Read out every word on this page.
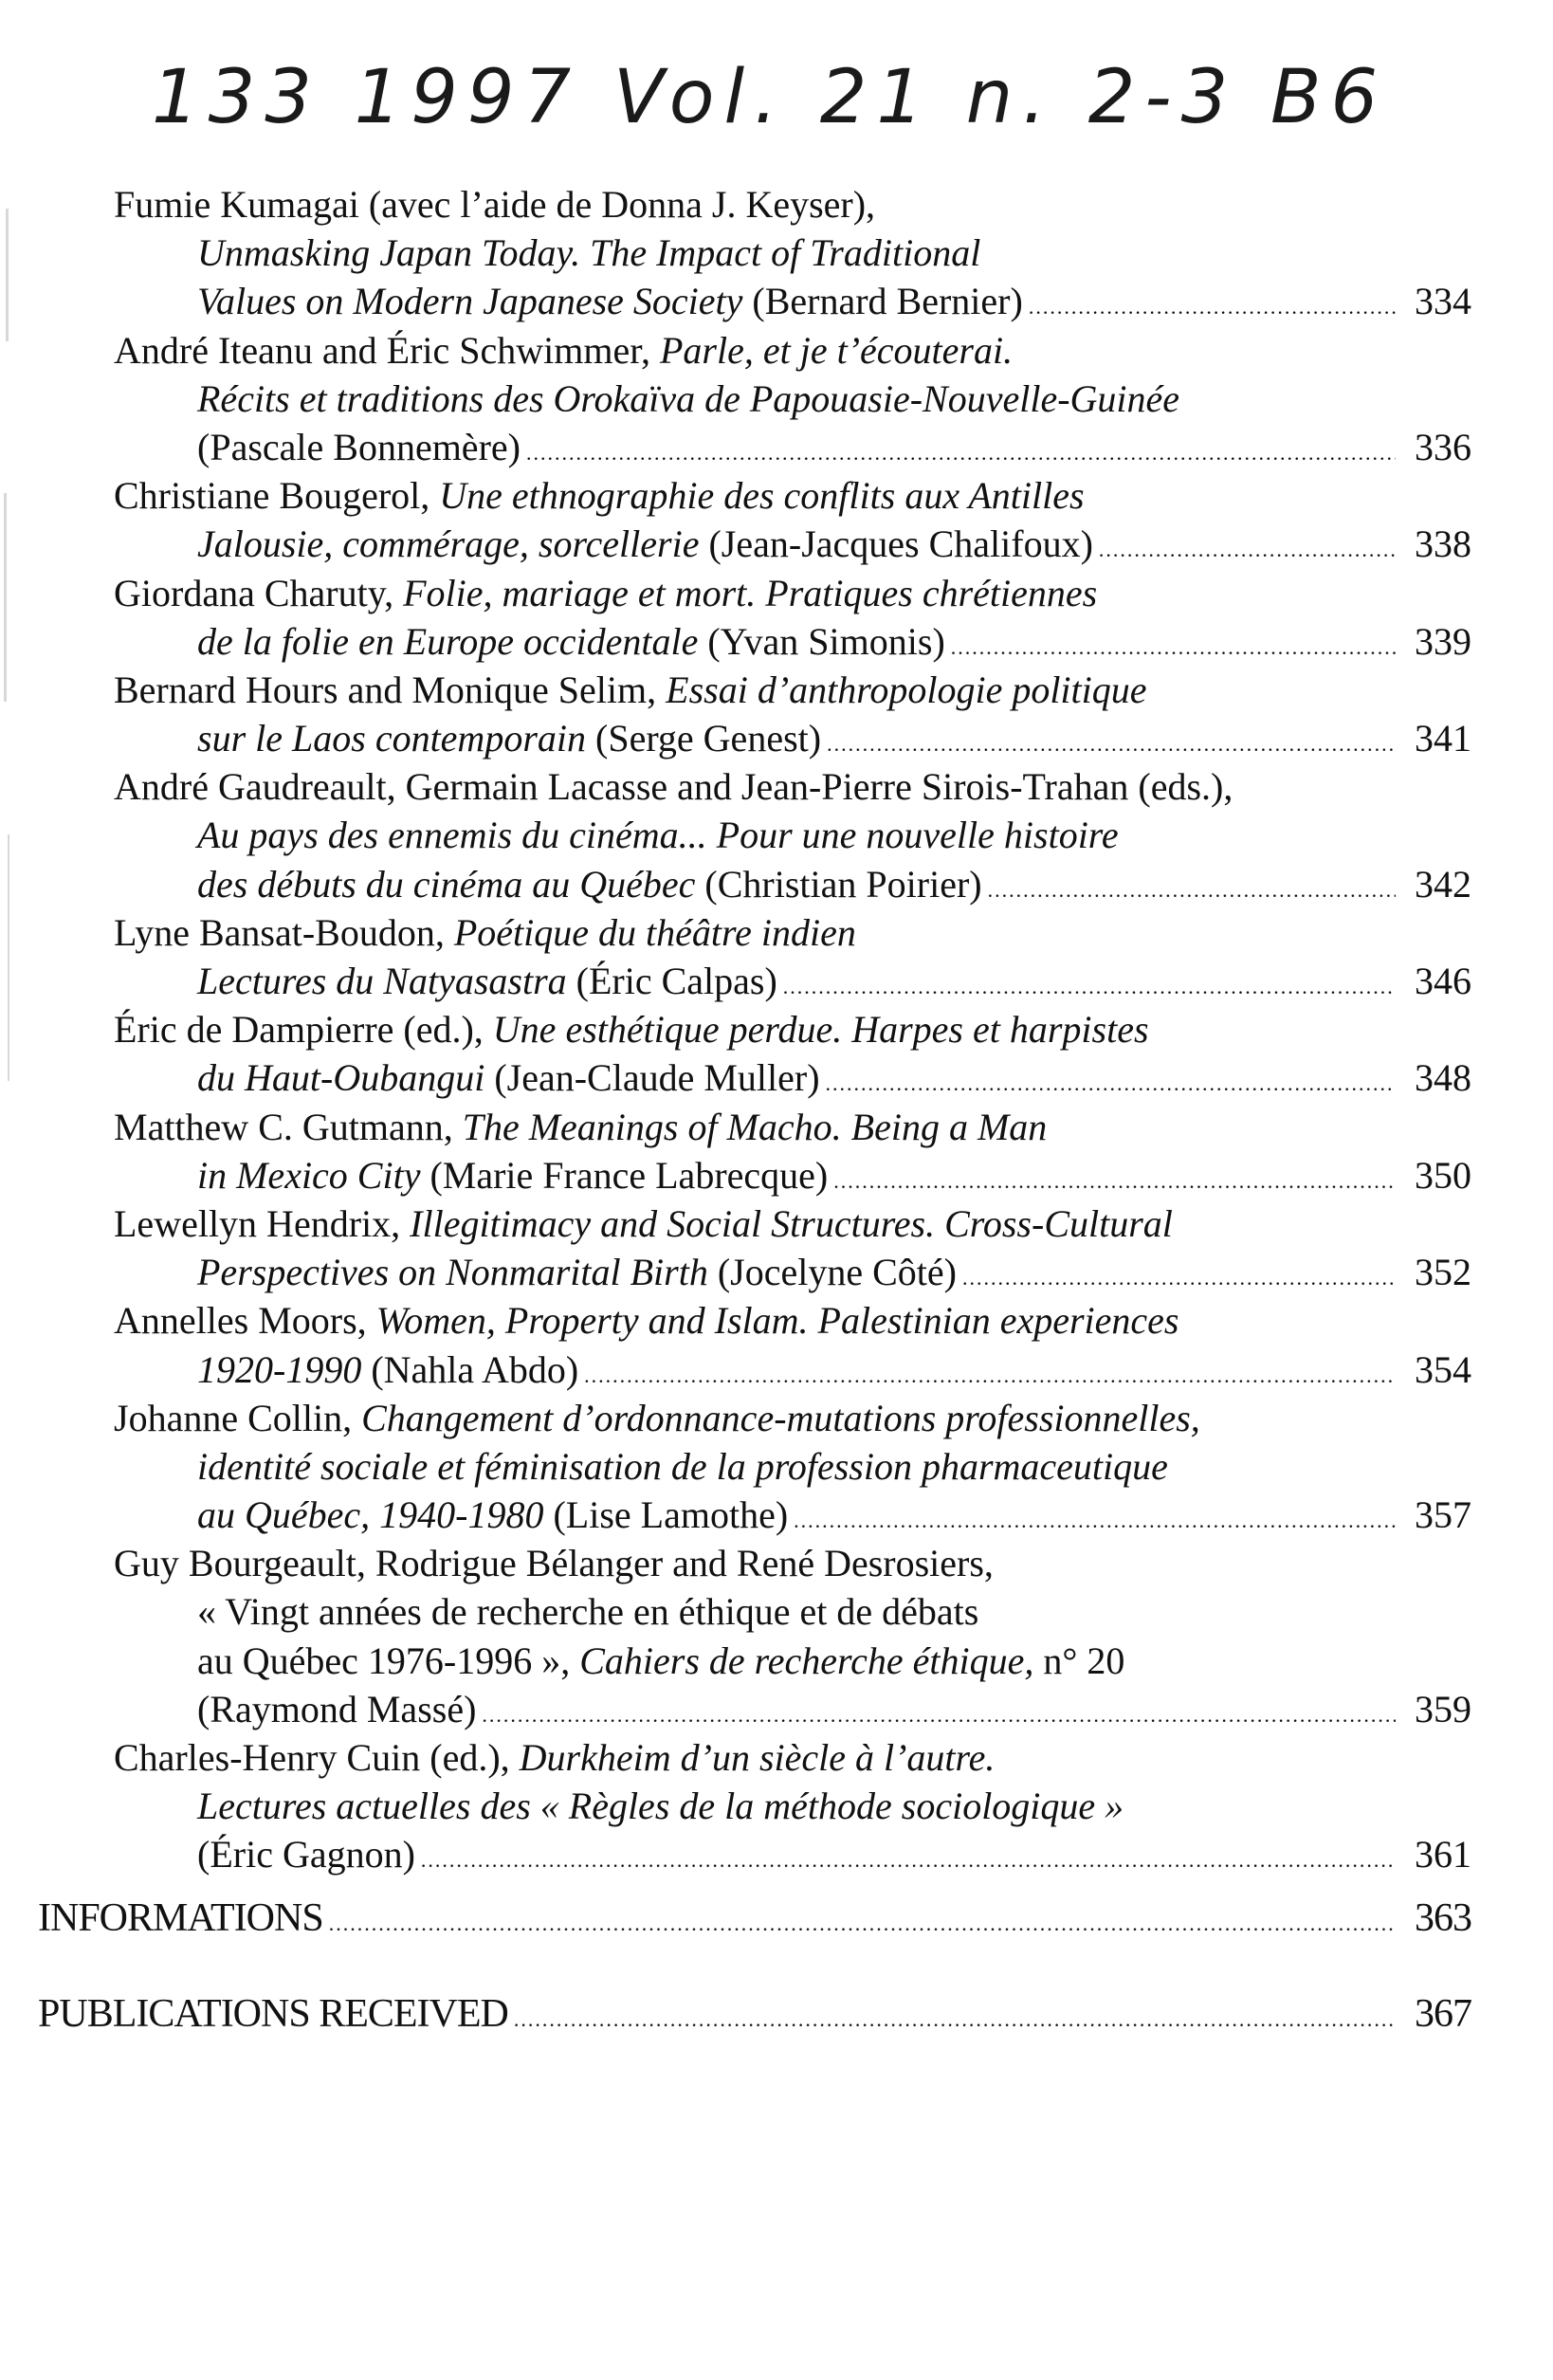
133 1997 Vol. 21 n. 2-3 B6
Fumie Kumagai (avec l’aide de Donna J. Keyser),
Unmasking Japan Today. The Impact of Traditional
Values on Modern Japanese Society (Bernard Bernier) .....	334
André Iteanu and Éric Schwimmer, Parle, et je t’écouterai.
Récits et traditions des Orokaïva de Papouasie-Nouvelle-Guinée
(Pascale Bonnemère) .....	336
Christiane Bougerol, Une ethnographie des conflits aux Antilles
Jalousie, commérage, sorcellerie (Jean-Jacques Chalifoux) .....	338
Giordana Charuty, Folie, mariage et mort. Pratiques chrétiennes
de la folie en Europe occidentale (Yvan Simonis) .....	339
Bernard Hours and Monique Selim, Essai d’anthropologie politique
sur le Laos contemporain (Serge Genest) .....	341
André Gaudreault, Germain Lacasse and Jean-Pierre Sirois-Trahan (eds.),
Au pays des ennemis du cinéma... Pour une nouvelle histoire
des débuts du cinéma au Québec (Christian Poirier) .....	342
Lyne Bansat-Boudon, Poétique du théâtre indien
Lectures du Natyasastra (Éric Calpas) .....	346
Éric de Dampierre (ed.), Une esthétique perdue. Harpes et harpistes
du Haut-Oubangui (Jean-Claude Muller) .....	348
Matthew C. Gutmann, The Meanings of Macho. Being a Man
in Mexico City (Marie France Labrecque) .....	350
Lewellyn Hendrix, Illegitimacy and Social Structures. Cross-Cultural
Perspectives on Nonmarital Birth (Jocelyne Côté) .....	352
Annelles Moors, Women, Property and Islam. Palestinian experiences
1920-1990 (Nahla Abdo) .....	354
Johanne Collin, Changement d’ordonnance-mutations professionnelles,
identité sociale et féminisation de la profession pharmaceutique
au Québec, 1940-1980 (Lise Lamothe) .....	357
Guy Bourgeault, Rodrigue Bélanger and René Desrosiers,
« Vingt années de recherche en éthique et de débats
au Québec 1976-1996 », Cahiers de recherche éthique, n° 20
(Raymond Massé) .....	359
Charles-Henry Cuin (ed.), Durkheim d’un siècle à l’autre.
Lectures actuelles des « Règles de la méthode sociologique »
(Éric Gagnon) .....	361
INFORMATIONS .....	363
PUBLICATIONS RECEIVED .....	367
